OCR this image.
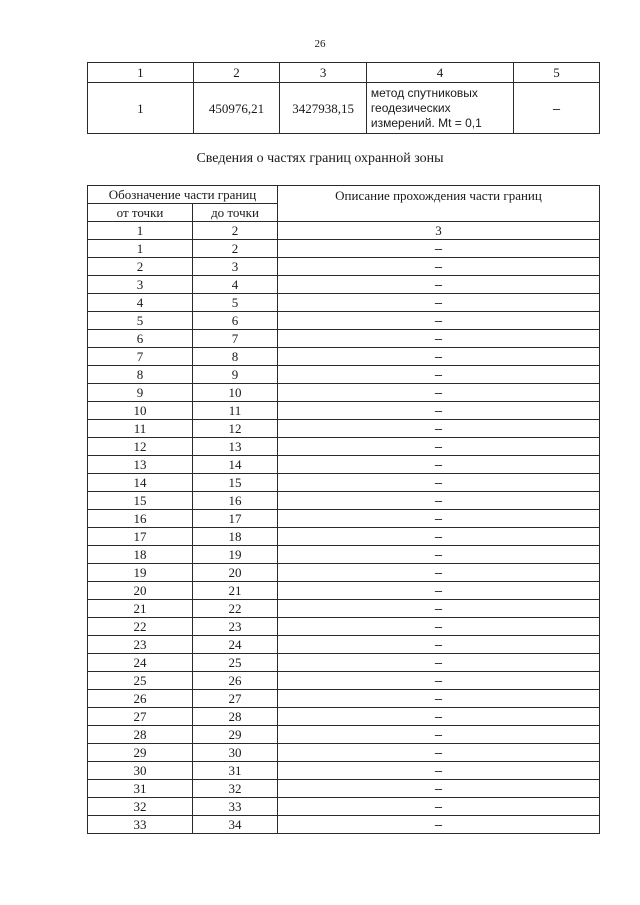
26
1	2	3	4	5
1	450976,21	3427938,15	метод спутниковых
геодезических
измерений. Mt = 0,1	–
Сведения о частях границ охранной зоны
Обозначение части границ		Описание прохождения части границ
от точки	до точки	
1	2	3
1	2	–
2	3	–
3	4	–
4	5	–
5	6	–
6	7	–
7	8	–
8	9	–
9	10	–
10	11	–
11	12	–
12	13	–
13	14	–
14	15	–
15	16	–
16	17	–
17	18	–
18	19	–
19	20	–
20	21	–
21	22	–
22	23	–
23	24	–
24	25	–
25	26	–
26	27	–
27	28	–
28	29	–
29	30	–
30	31	–
31	32	–
32	33	–
33	34	–
